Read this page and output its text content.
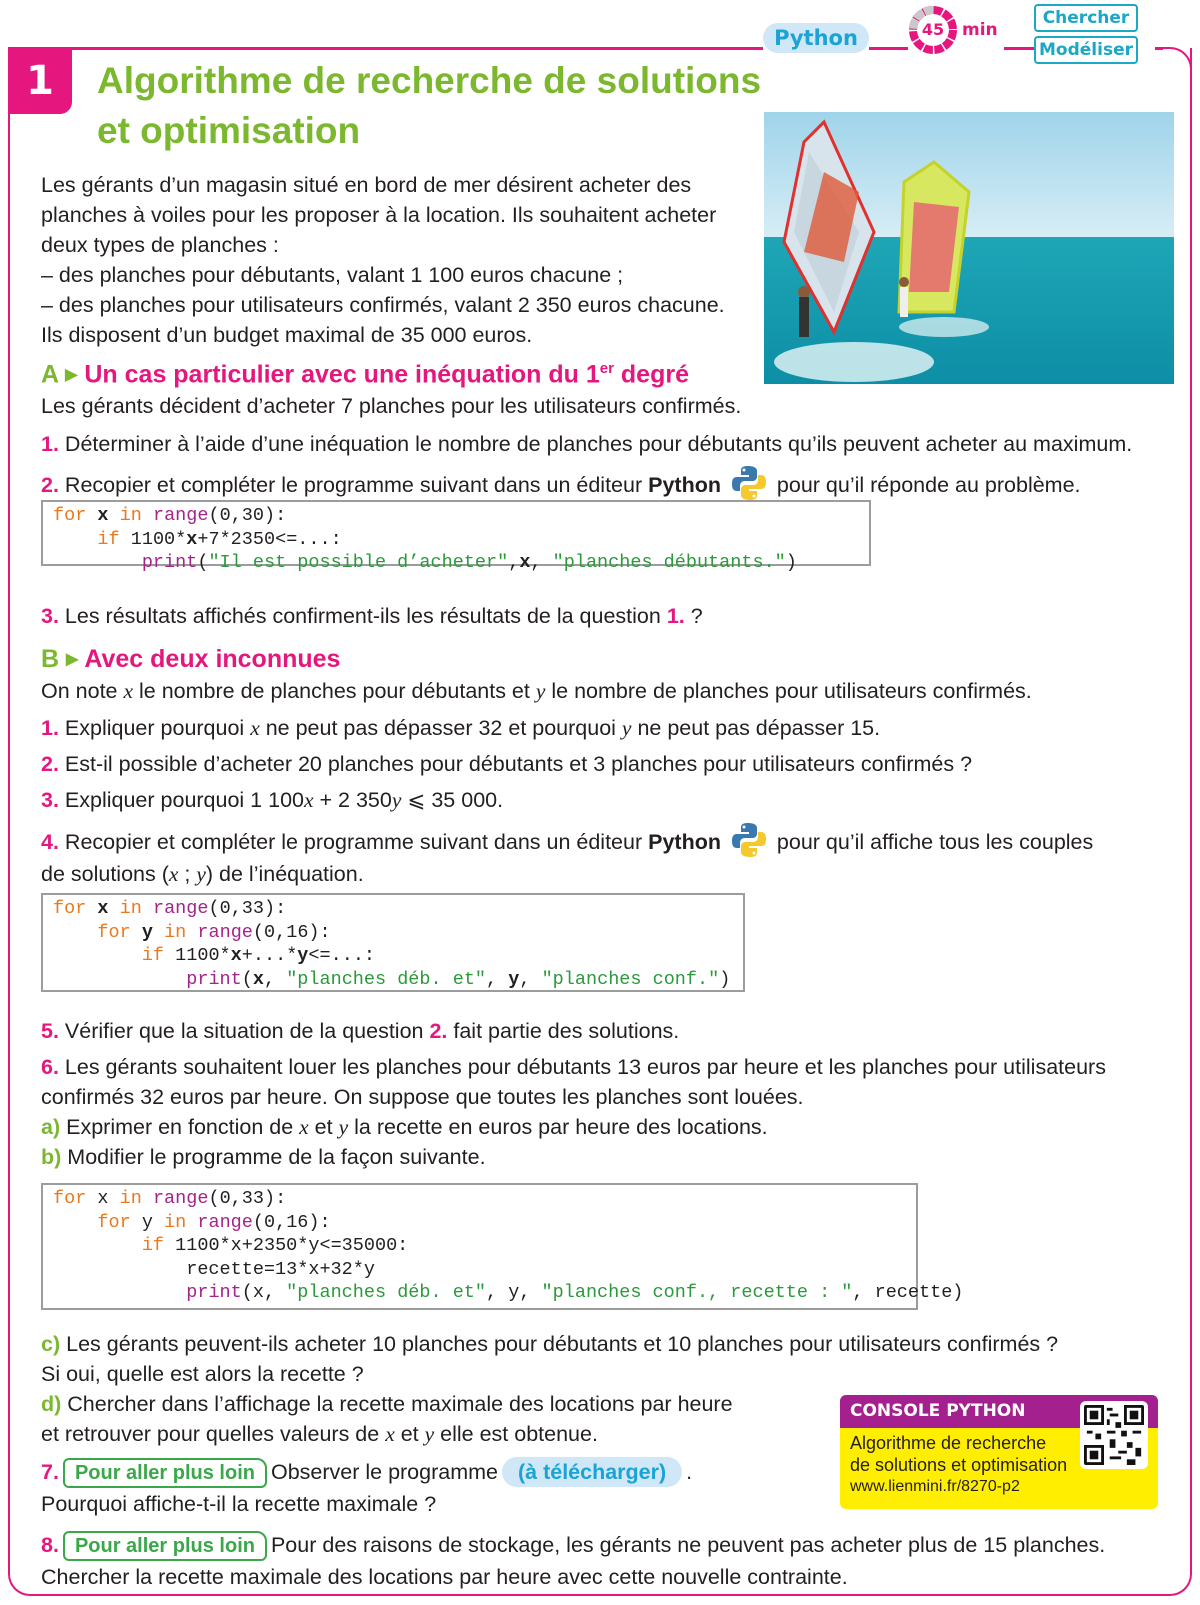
Python	45	min
Chercher
Modéliser
1	Algorithme de recherche de solutions
et optimisation
Les gérants d’un magasin situé en bord de mer désirent acheter des
planches à voiles pour les proposer à la location. Ils souhaitent acheter
deux types de planches :
– des planches pour débutants, valant 1 100 euros chacune ;
– des planches pour utilisateurs confirmés, valant 2 350 euros chacune.
Ils disposent d’un budget maximal de 35 000 euros.
A ▶ Un cas particulier avec une inéquation du 1er degré
Les gérants décident d’acheter 7 planches pour les utilisateurs confirmés.
1. Déterminer à l’aide d’une inéquation le nombre de planches pour débutants qu’ils peuvent acheter au maximum.
2. Recopier et compléter le programme suivant dans un éditeur Python  pour qu’il réponde au problème.
for x in range(0,30):
if 1100*x+7*2350<=...:
print("Il est possible d’acheter",x, "planches débutants.")
3. Les résultats affichés confirment-ils les résultats de la question 1. ?
B ▶ Avec deux inconnues
On note x le nombre de planches pour débutants et y le nombre de planches pour utilisateurs confirmés.
1. Expliquer pourquoi x ne peut pas dépasser 32 et pourquoi y ne peut pas dépasser 15.
2. Est-il possible d’acheter 20 planches pour débutants et 3 planches pour utilisateurs confirmés ?
3. Expliquer pourquoi 1 100x + 2 350y ⩽ 35 000.
4. Recopier et compléter le programme suivant dans un éditeur Python  pour qu’il affiche tous les couples
de solutions (x ; y) de l’inéquation.
for x in range(0,33):
for y in range(0,16):
if 1100*x+...*y<=...:
print(x, "planches déb. et", y, "planches conf.")
5. Vérifier que la situation de la question 2. fait partie des solutions.
6. Les gérants souhaitent louer les planches pour débutants 13 euros par heure et les planches pour utilisateurs
confirmés 32 euros par heure. On suppose que toutes les planches sont louées.
a) Exprimer en fonction de x et y la recette en euros par heure des locations.
b) Modifier le programme de la façon suivante.
for x in range(0,33):
for y in range(0,16):
if 1100*x+2350*y<=35000:
recette=13*x+32*y
print(x, "planches déb. et", y, "planches conf., recette : ", recette)
c) Les gérants peuvent-ils acheter 10 planches pour débutants et 10 planches pour utilisateurs confirmés ?
Si oui, quelle est alors la recette ?
d) Chercher dans l’affichage la recette maximale des locations par heure
et retrouver pour quelles valeurs de x et y elle est obtenue.
7. Pour aller plus loin Observer le programme (à télécharger) .
Pourquoi affiche-t-il la recette maximale ?
8. Pour aller plus loin Pour des raisons de stockage, les gérants ne peuvent pas acheter plus de 15 planches.
Chercher la recette maximale des locations par heure avec cette nouvelle contrainte.
CONSOLE PYTHON
Algorithme de recherche
de solutions et optimisation
www.lienmini.fr/8270-p2
